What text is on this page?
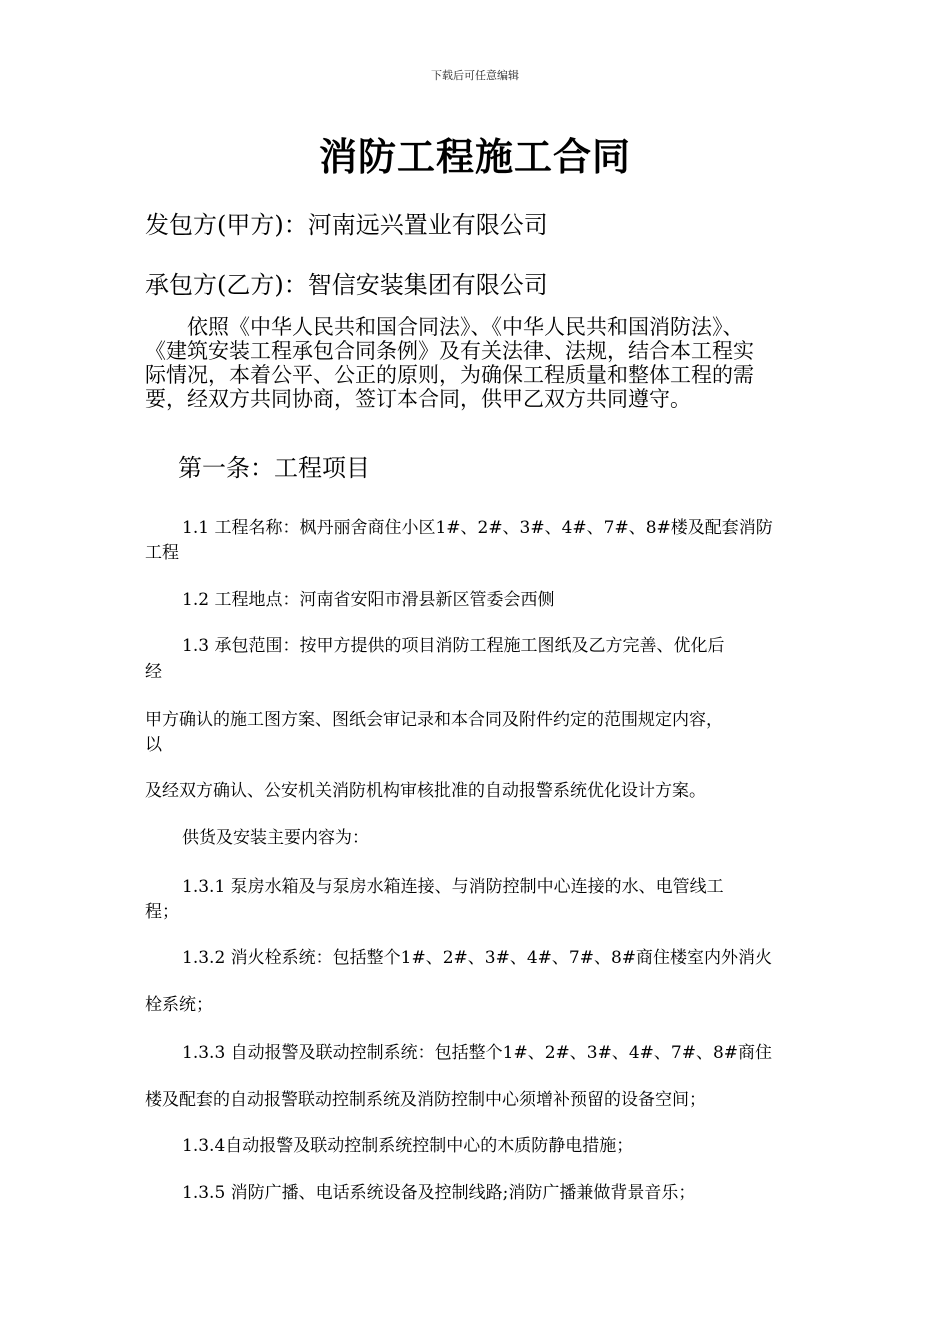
下载后可任意编辑
消防工程施工合同
发包方(甲方)：河南远兴置业有限公司
承包方(乙方)：智信安装集团有限公司
　　依照《中华人民共和国合同法》、《中华人民共和国消防法》、
《建筑安装工程承包合同条例》及有关法律、法规，结合本工程实
际情况，本着公平、公正的原则，为确保工程质量和整体工程的需
要，经双方共同协商，签订本合同，供甲乙双方共同遵守。
第一条：工程项目
1.1 工程名称：枫丹丽舍商住小区1#、2#、3#、4#、7#、8#楼及配套消防
工程
1.2 工程地点：河南省安阳市滑县新区管委会西侧
1.3 承包范围：按甲方提供的项目消防工程施工图纸及乙方完善、优化后
经
甲方确认的施工图方案、图纸会审记录和本合同及附件约定的范围规定内容，
以
及经双方确认、公安机关消防机构审核批准的自动报警系统优化设计方案。
供货及安装主要内容为：
1.3.1 泵房水箱及与泵房水箱连接、与消防控制中心连接的水、电管线工
程；
1.3.2 消火栓系统：包括整个1#、2#、3#、4#、7#、8#商住楼室内外消火
栓系统；
1.3.3 自动报警及联动控制系统：包括整个1#、2#、3#、4#、7#、8#商住
楼及配套的自动报警联动控制系统及消防控制中心须增补预留的设备空间；
1.3.4自动报警及联动控制系统控制中心的木质防静电措施；
1.3.5 消防广播、电话系统设备及控制线路;消防广播兼做背景音乐；
